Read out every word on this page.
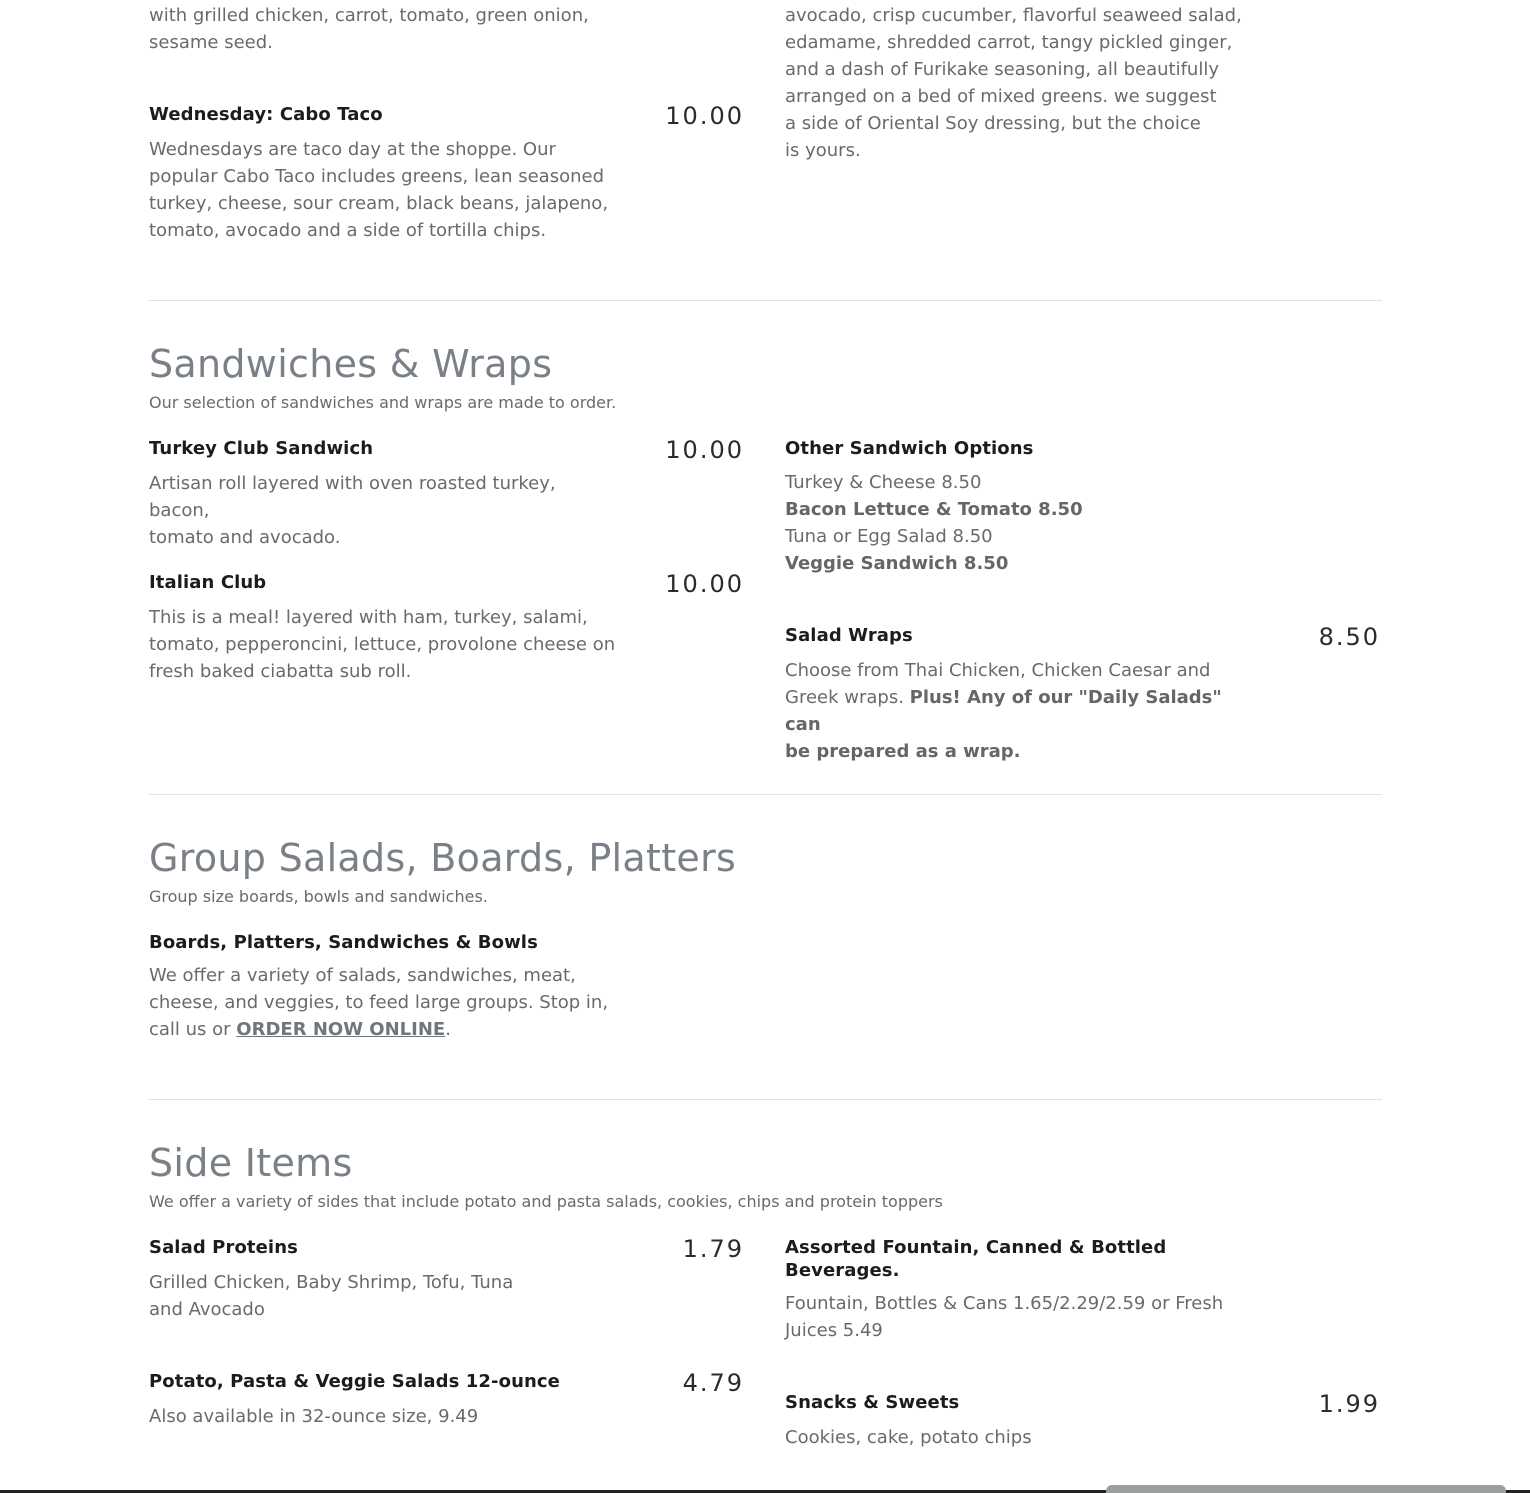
with grilled chicken, carrot, tomato, green onion,
sesame seed.
Wednesday: Cabo Taco	10.00
Wednesdays are taco day at the shoppe. Our
popular Cabo Taco includes greens, lean seasoned
turkey, cheese, sour cream, black beans, jalapeno,
tomato, avocado and a side of tortilla chips.
avocado, crisp cucumber, flavorful seaweed salad,
edamame, shredded carrot, tangy pickled ginger,
and a dash of Furikake seasoning, all beautifully
arranged on a bed of mixed greens. we suggest
a side of Oriental Soy dressing, but the choice
is yours.
Sandwiches & Wraps
Our selection of sandwiches and wraps are made to order.
Turkey Club Sandwich	10.00
Artisan roll layered with oven roasted turkey, bacon,
tomato and avocado.
Italian Club	10.00
This is a meal! layered with ham, turkey, salami,
tomato, pepperoncini, lettuce, provolone cheese on
fresh baked ciabatta sub roll.
Other Sandwich Options
Turkey & Cheese 8.50
Bacon Lettuce & Tomato 8.50
Tuna or Egg Salad 8.50
Veggie Sandwich 8.50
Salad Wraps	8.50
Choose from Thai Chicken, Chicken Caesar and
Greek wraps. Plus! Any of our "Daily Salads" can
be prepared as a wrap.
Group Salads, Boards, Platters
Group size boards, bowls and sandwiches.
Boards, Platters, Sandwiches & Bowls
We offer a variety of salads, sandwiches, meat,
cheese, and veggies, to feed large groups. Stop in,
call us or ORDER NOW ONLINE.
Side Items
We offer a variety of sides that include potato and pasta salads, cookies, chips and protein toppers
Salad Proteins	1.79
Grilled Chicken, Baby Shrimp, Tofu, Tuna
and Avocado
Potato, Pasta & Veggie Salads 12-ounce	4.79
Also available in 32-ounce size, 9.49
Assorted Fountain, Canned & Bottled
Beverages.
Fountain, Bottles & Cans 1.65/2.29/2.59 or Fresh
Juices 5.49
Snacks & Sweets	1.99
Cookies, cake, potato chips
